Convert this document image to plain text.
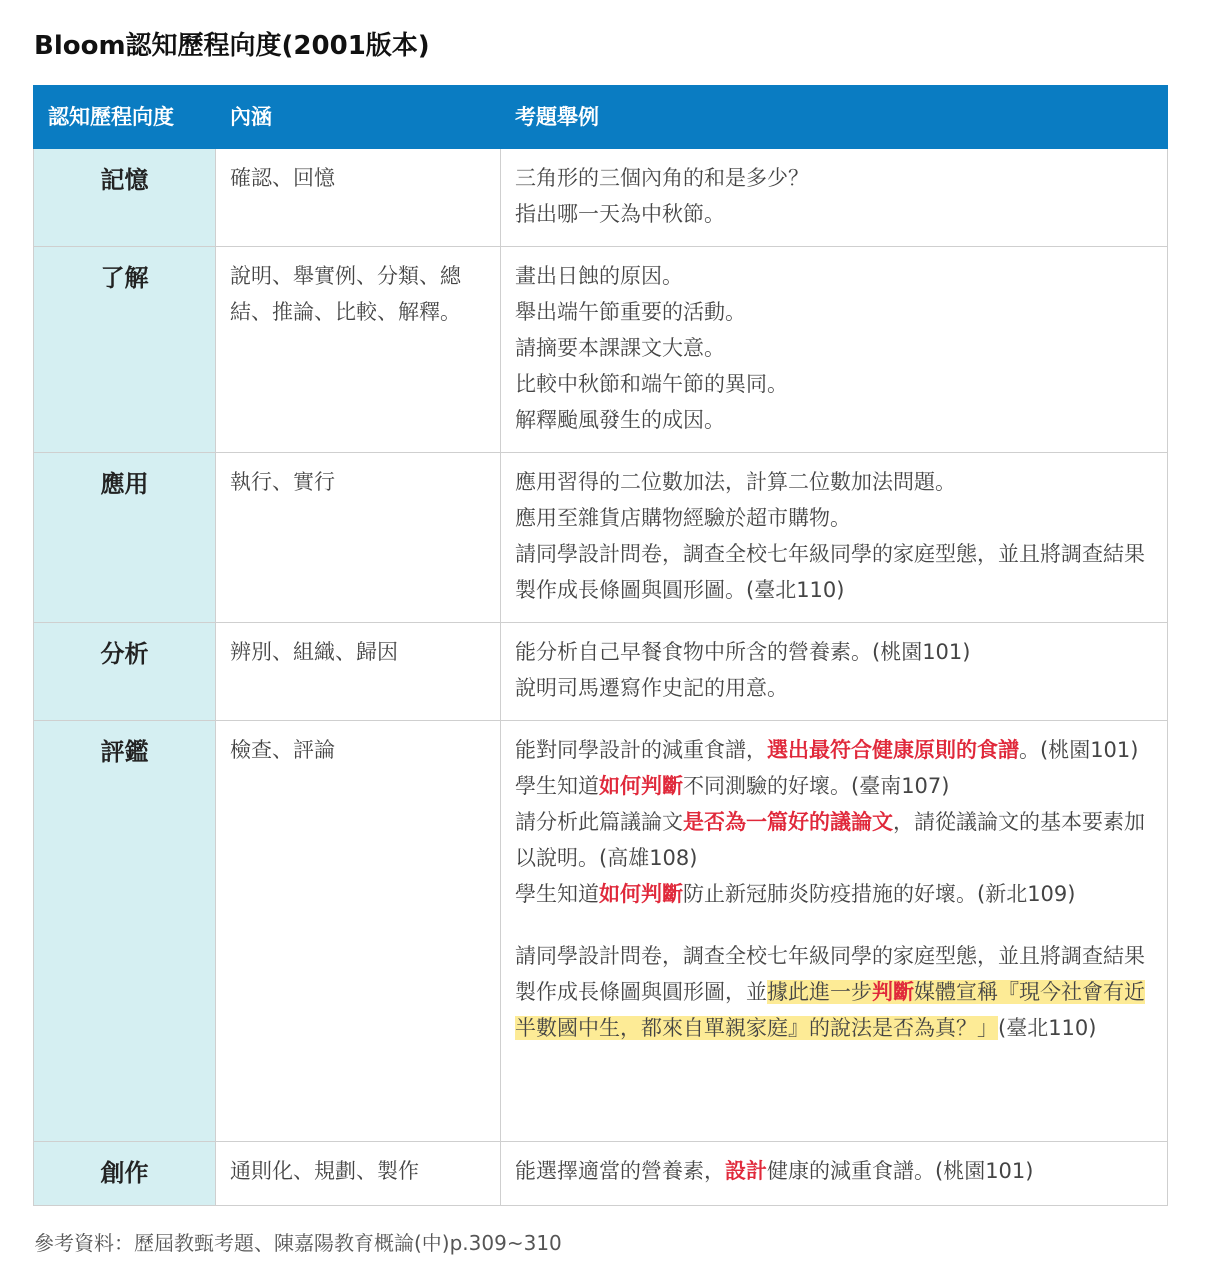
Bloom認知歷程向度(2001版本)
認知歷程向度	內涵	考題舉例
記憶	確認、回憶	三角形的三個內角的和是多少？
指出哪一天為中秋節。

了解	說明、舉實例、分類、總結、推論、比較、解釋。	畫出日蝕的原因。
舉出端午節重要的活動。
請摘要本課課文大意。
比較中秋節和端午節的異同。
解釋颱風發生的成因。

應用	執行、實行	應用習得的二位數加法，計算二位數加法問題。
應用至雜貨店購物經驗於超市購物。
請同學設計問卷，調查全校七年級同學的家庭型態，並且將調查結果製作成長條圖與圓形圖。(臺北110)

分析	辨別、組織、歸因	能分析自己早餐食物中所含的營養素。(桃園101)
說明司馬遷寫作史記的用意。

評鑑	檢查、評論	能對同學設計的減重食譜，選出最符合健康原則的食譜。(桃園101)
學生知道如何判斷不同測驗的好壞。(臺南107)
請分析此篇議論文是否為一篇好的議論文，請從議論文的基本要素加以說明。(高雄108)
學生知道如何判斷防止新冠肺炎防疫措施的好壞。(新北109)
請同學設計問卷，調查全校七年級同學的家庭型態，並且將調查結果製作成長條圖與圓形圖，並據此進一步判斷媒體宣稱『現今社會有近半數國中生，都來自單親家庭』的說法是否為真？」(臺北110)

創作	通則化、規劃、製作	能選擇適當的營養素，設計健康的減重食譜。(桃園101)

參考資料：歷屆教甄考題、陳嘉陽教育概論(中)p.309~310
